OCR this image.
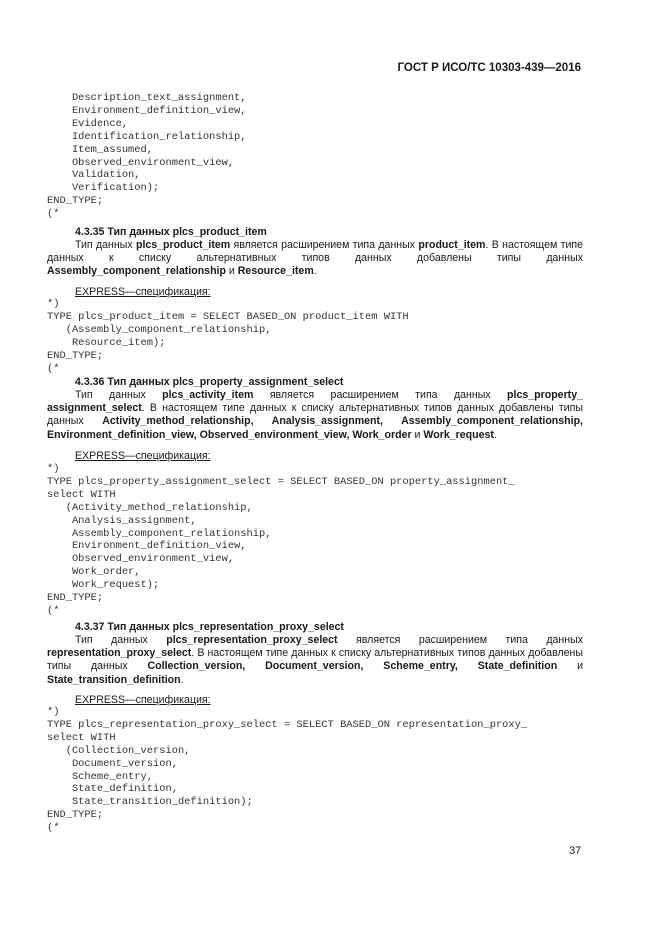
ГОСТ Р ИСО/ТС 10303-439—2016
Description_text_assignment,
Environment_definition_view,
Evidence,
Identification_relationship,
Item_assumed,
Observed_environment_view,
Validation,
Verification);
END_TYPE;
(*
4.3.35 Тип данных plcs_product_item

Тип данных plcs_product_item является расширением типа данных product_item. В настоящем типе данных к списку альтернативных типов данных добавлены типы данных Assembly_component_relationship и Resource_item.

EXPRESS—спецификация:
*)
TYPE plcs_product_item = SELECT BASED_ON product_item WITH
(Assembly_component_relationship,
Resource_item);
END_TYPE;
(*
4.3.36 Тип данных plcs_property_assignment_select

Тип данных plcs_activity_item является расширением типа данных plcs_property_ assignment_select. В настоящем типе данных к списку альтернативных типов данных добавлены типы данных Activity_method_relationship, Analysis_assignment, Assembly_component_relationship, Environment_definition_view, Observed_environment_view, Work_order и Work_request.

EXPRESS—спецификация:
*)
TYPE plcs_property_assignment_select = SELECT BASED_ON property_assignment_
select WITH
(Activity_method_relationship,
Analysis_assignment,
Assembly_component_relationship,
Environment_definition_view,
Observed_environment_view,
Work_order,
Work_request);
END_TYPE;
(*
4.3.37 Тип данных plcs_representation_proxy_select

Тип данных plcs_representation_proxy_select является расширением типа данных representation_proxy_select. В настоящем типе данных к списку альтернативных типов данных добавлены типы данных Collection_version, Document_version, Scheme_entry, State_definition и State_transition_definition.

EXPRESS—спецификация:
*)
TYPE plcs_representation_proxy_select = SELECT BASED_ON representation_proxy_
select WITH
(Collection_version,
Document_version,
Scheme_entry,
State_definition,
State_transition_definition);
END_TYPE;
(*
37
